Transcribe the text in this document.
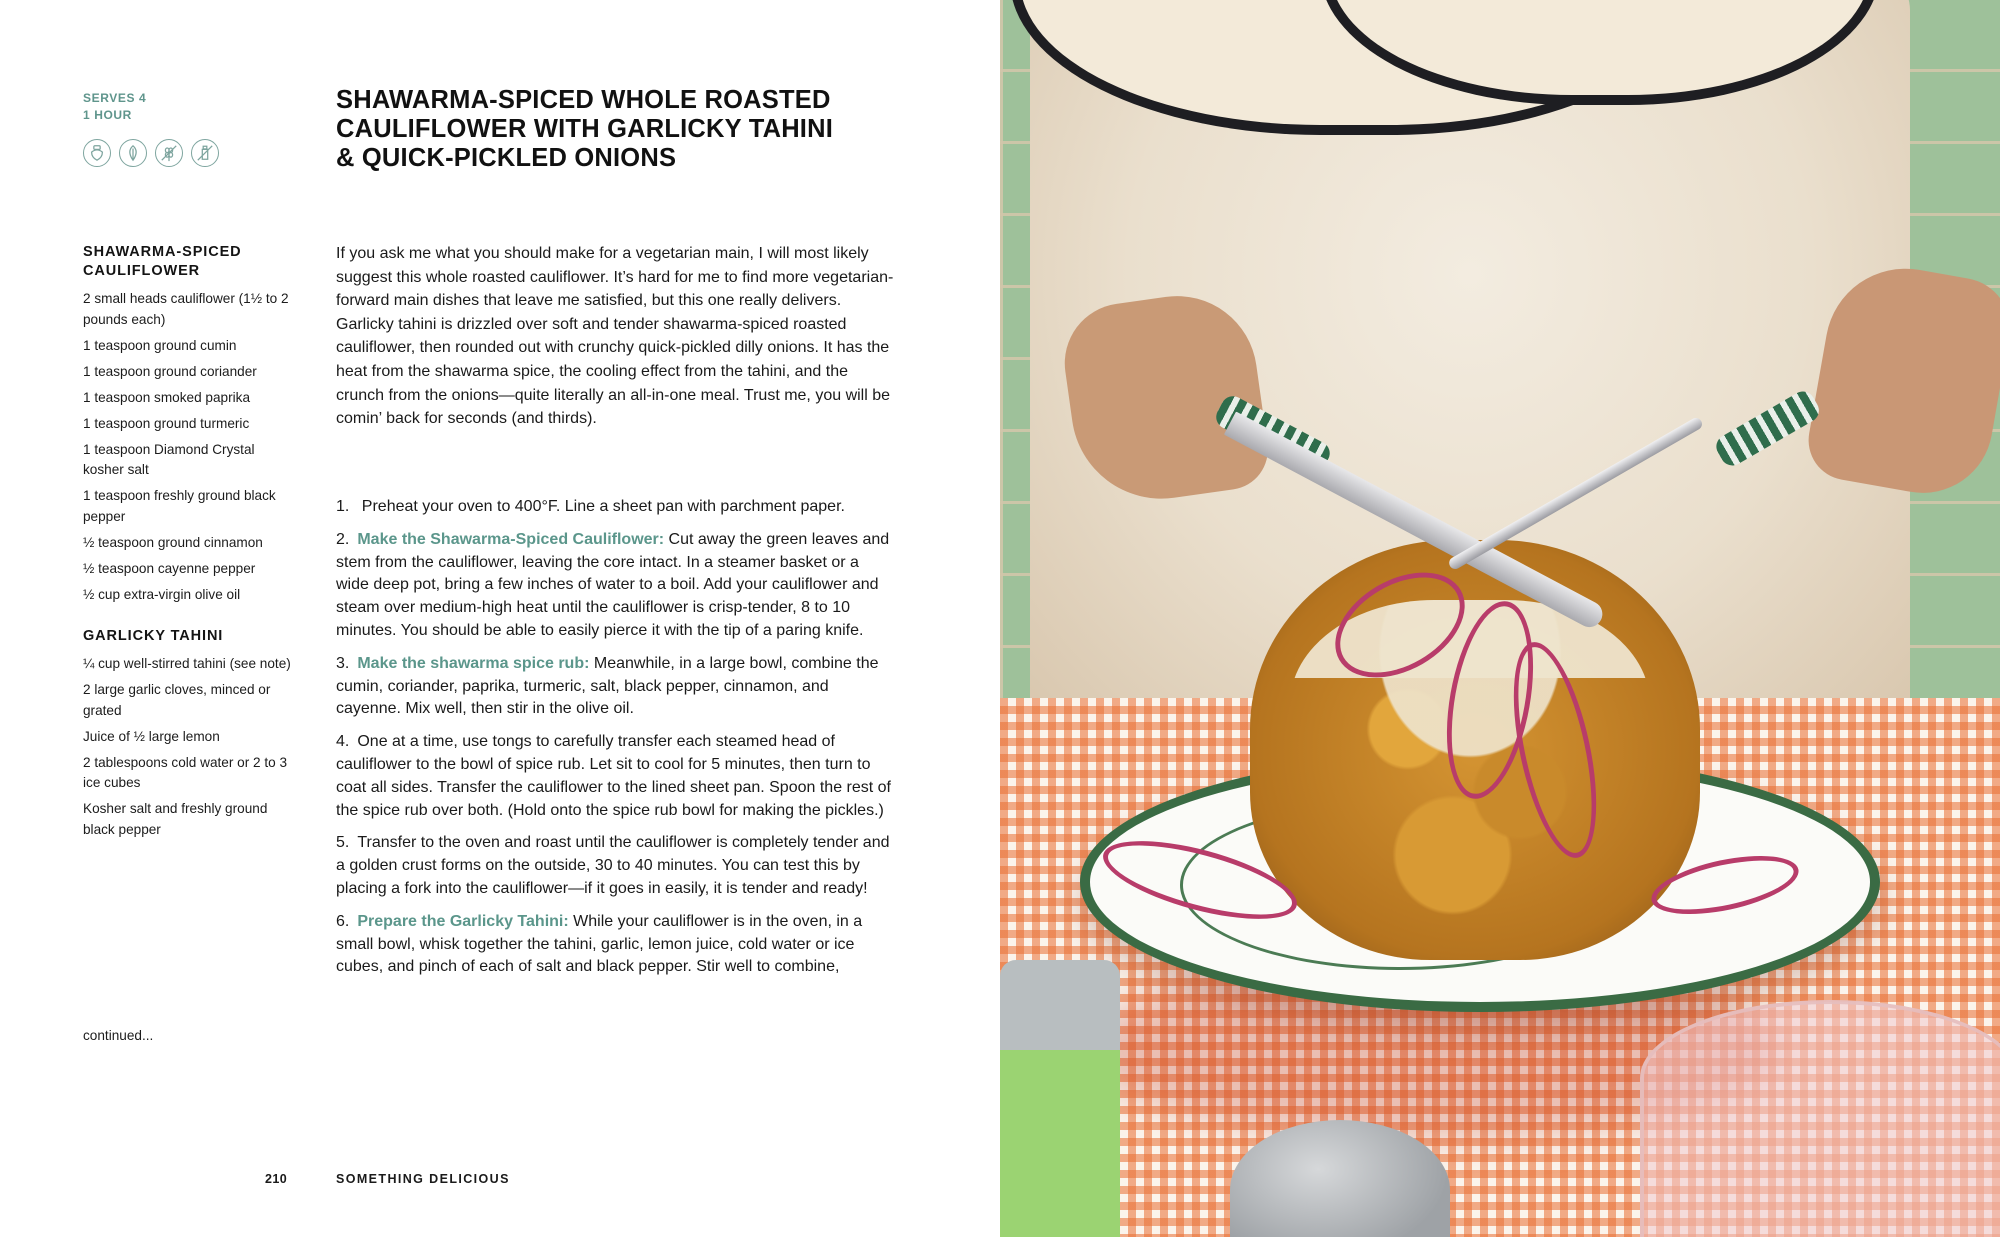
SERVES 4
1 HOUR
SHAWARMA-SPICED WHOLE ROASTED
CAULIFLOWER WITH GARLICKY TAHINI
& QUICK-PICKLED ONIONS
SHAWARMA-SPICED CAULIFLOWER
2 small heads cauliflower (1½ to 2 pounds each)
1 teaspoon ground cumin
1 teaspoon ground coriander
1 teaspoon smoked paprika
1 teaspoon ground turmeric
1 teaspoon Diamond Crystal kosher salt
1 teaspoon freshly ground black pepper
½ teaspoon ground cinnamon
½ teaspoon cayenne pepper
½ cup extra-virgin olive oil
GARLICKY TAHINI
¼ cup well-stirred tahini (see note)
2 large garlic cloves, minced or grated
Juice of ½ large lemon
2 tablespoons cold water or 2 to 3 ice cubes
Kosher salt and freshly ground black pepper
continued...

If you ask me what you should make for a vegetarian main, I will most likely suggest this whole roasted cauliflower. It’s hard for me to find more vegetarian-forward main dishes that leave me satisfied, but this one really delivers. Garlicky tahini is drizzled over soft and tender shawarma-spiced roasted cauliflower, then rounded out with crunchy quick-pickled dilly onions. It has the heat from the shawarma spice, the cooling effect from the tahini, and the crunch from the onions—quite literally an all-in-one meal. Trust me, you will be comin’ back for seconds (and thirds).

1. Preheat your oven to 400°F. Line a sheet pan with parchment paper.
2. Make the Shawarma-Spiced Cauliflower: Cut away the green leaves and stem from the cauliflower, leaving the core intact. In a steamer basket or a wide deep pot, bring a few inches of water to a boil. Add your cauliflower and steam over medium-high heat until the cauliflower is crisp-tender, 8 to 10 minutes. You should be able to easily pierce it with the tip of a paring knife.
3. Make the shawarma spice rub: Meanwhile, in a large bowl, combine the cumin, coriander, paprika, turmeric, salt, black pepper, cinnamon, and cayenne. Mix well, then stir in the olive oil.
4. One at a time, use tongs to carefully transfer each steamed head of cauliflower to the bowl of spice rub. Let sit to cool for 5 minutes, then turn to coat all sides. Transfer the cauliflower to the lined sheet pan. Spoon the rest of the spice rub over both. (Hold onto the spice rub bowl for making the pickles.)
5. Transfer to the oven and roast until the cauliflower is completely tender and a golden crust forms on the outside, 30 to 40 minutes. You can test this by placing a fork into the cauliflower—if it goes in easily, it is tender and ready!
6. Prepare the Garlicky Tahini: While your cauliflower is in the oven, in a small bowl, whisk together the tahini, garlic, lemon juice, cold water or ice cubes, and pinch of each of salt and black pepper. Stir well to combine,
210	SOMETHING DELICIOUS
